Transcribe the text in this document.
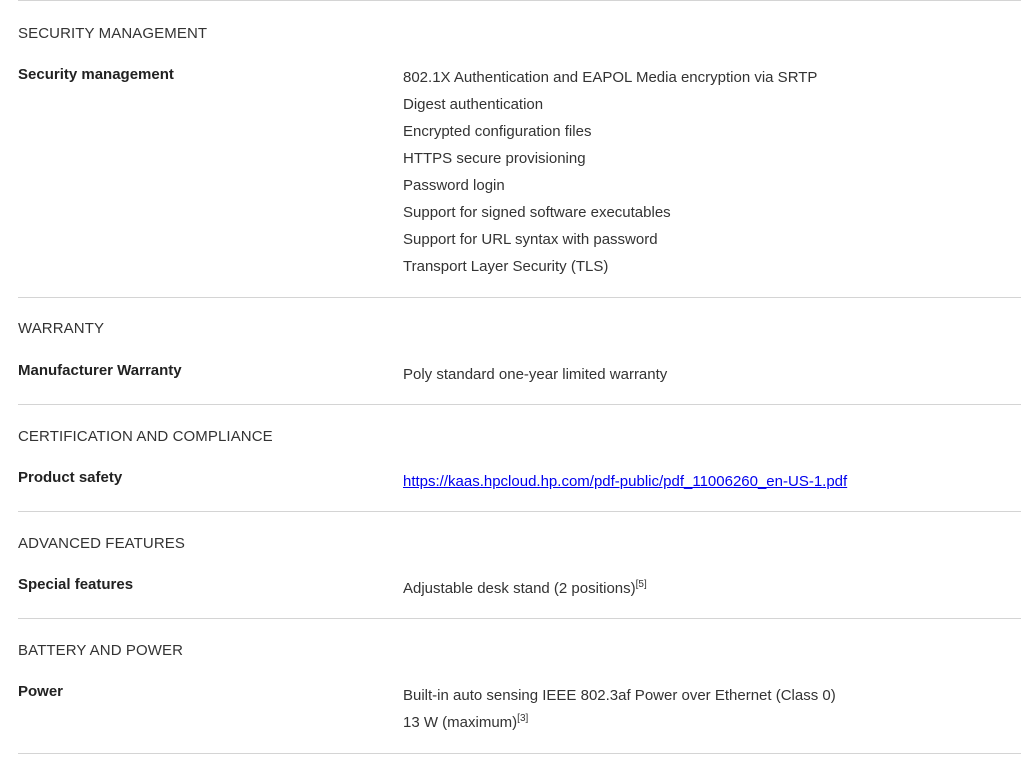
SECURITY MANAGEMENT
Security management	802.1X Authentication and EAPOL Media encryption via SRTP
Digest authentication
Encrypted configuration files
HTTPS secure provisioning
Password login
Support for signed software executables
Support for URL syntax with password
Transport Layer Security (TLS)
WARRANTY
Manufacturer Warranty	Poly standard one-year limited warranty
CERTIFICATION AND COMPLIANCE
Product safety	https://kaas.hpcloud.hp.com/pdf-public/pdf_11006260_en-US-1.pdf
ADVANCED FEATURES
Special features	Adjustable desk stand (2 positions)[5]
BATTERY AND POWER
Power	Built-in auto sensing IEEE 802.3af Power over Ethernet (Class 0)
13 W (maximum)[3]
